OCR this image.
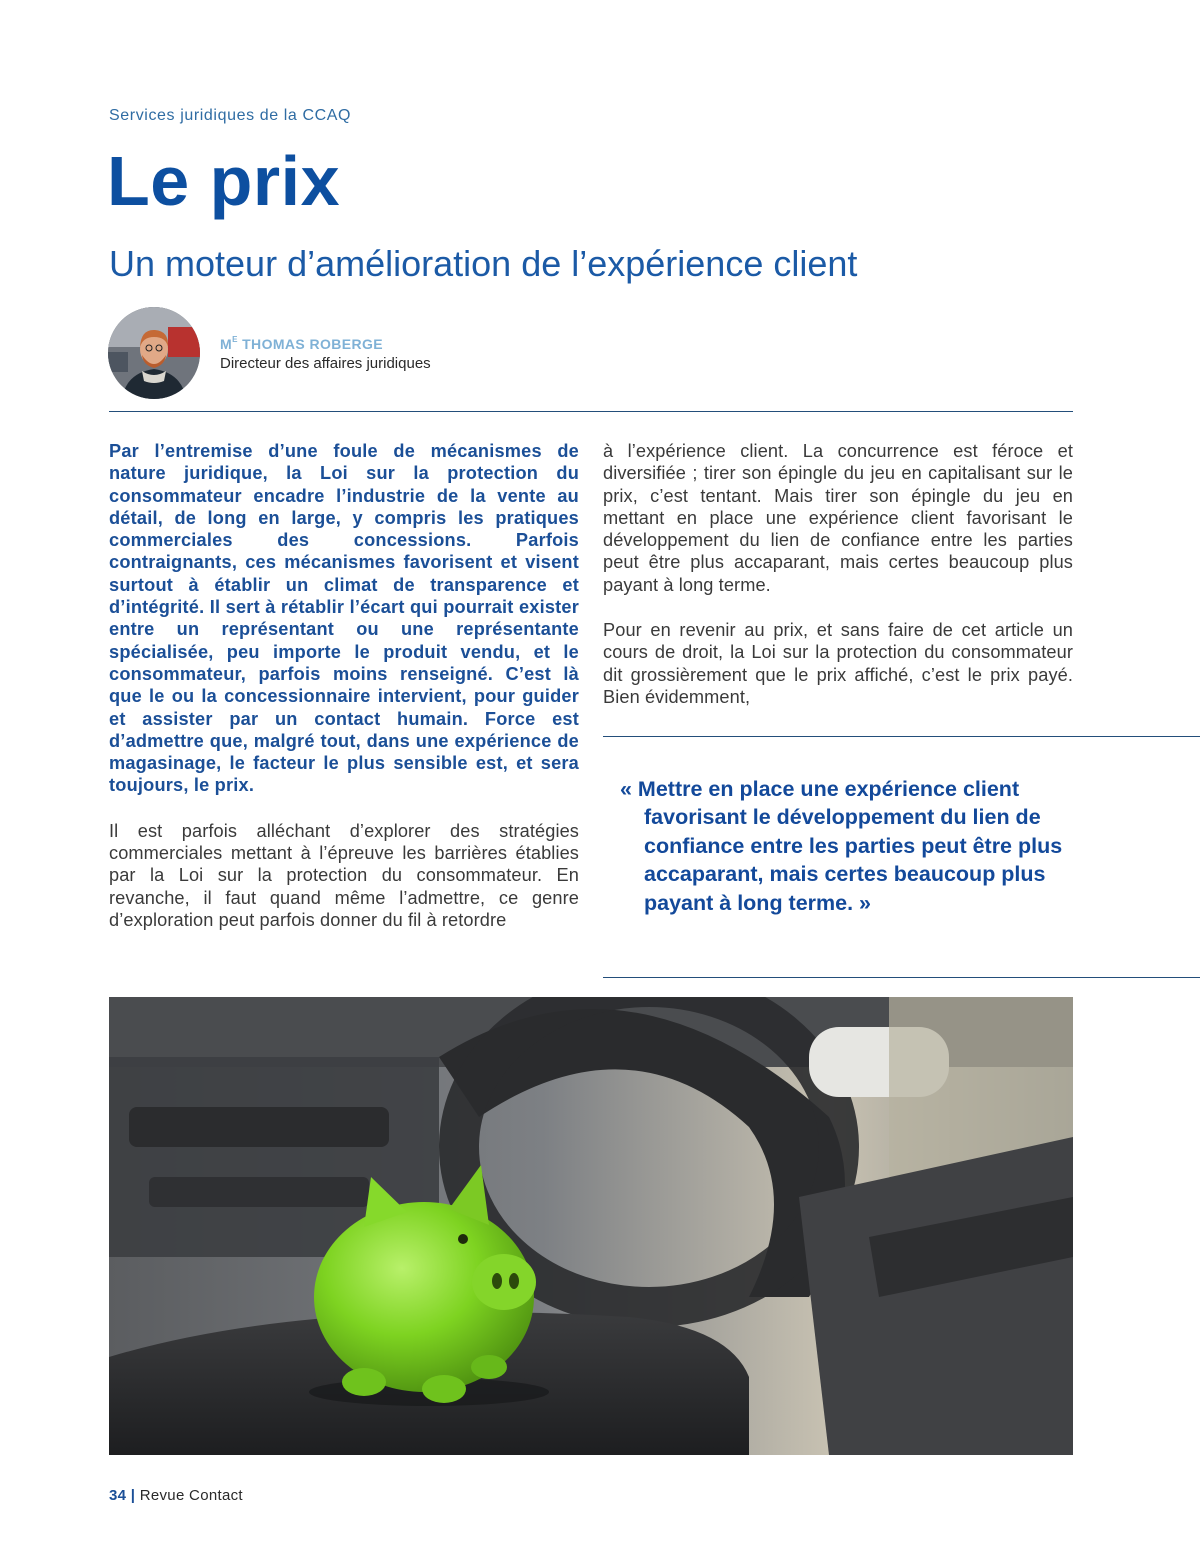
Services juridiques de la CCAQ
Le prix
Un moteur d’amélioration de l’expérience client
$M^E$ THOMAS ROBERGE
Directeur des affaires juridiques

Par l’entremise d’une foule de mécanismes de nature juridique, la Loi sur la protection du consommateur encadre l’industrie de la vente au détail, de long en large, y compris les pratiques commerciales des concessions. Parfois contraignants, ces mécanismes favorisent et visent surtout à établir un climat de transparence et d’intégrité. Il sert à rétablir l’écart qui pourrait exister entre un représentant ou une représentante spécialisée, peu importe le produit vendu, et le consommateur, parfois moins renseigné. C’est là que le ou la concessionnaire intervient, pour guider et assister par un contact humain. Force est d’admettre que, malgré tout, dans une expérience de magasinage, le facteur le plus sensible est, et sera toujours, le prix.

Il est parfois alléchant d’explorer des stratégies commerciales mettant à l’épreuve les barrières établies par la Loi sur la protection du consommateur. En revanche, il faut quand même l’admettre, ce genre d’exploration peut parfois donner du fil à retordre

à l’expérience client. La concurrence est féroce et diversifiée ; tirer son épingle du jeu en capitalisant sur le prix, c’est tentant. Mais tirer son épingle du jeu en mettant en place une expérience client favorisant le développement du lien de confiance entre les parties peut être plus accaparant, mais certes beaucoup plus payant à long terme.

Pour en revenir au prix, et sans faire de cet article un cours de droit, la Loi sur la protection du consommateur dit grossièrement que le prix affiché, c’est le prix payé. Bien évidemment,

« Mettre en place une expérience client favorisant le développement du lien de confiance entre les parties peut être plus accaparant, mais certes beaucoup plus payant à long terme. »
34 | Revue Contact
